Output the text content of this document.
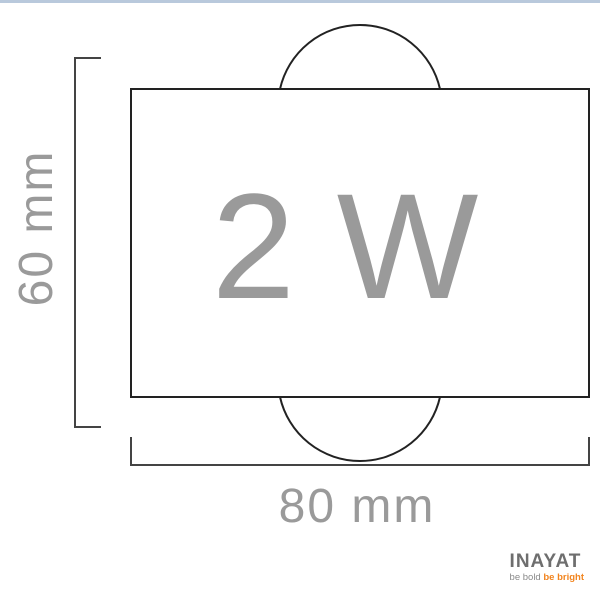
2 W
60 mm
80 mm
INAYAT
be bold be bright
